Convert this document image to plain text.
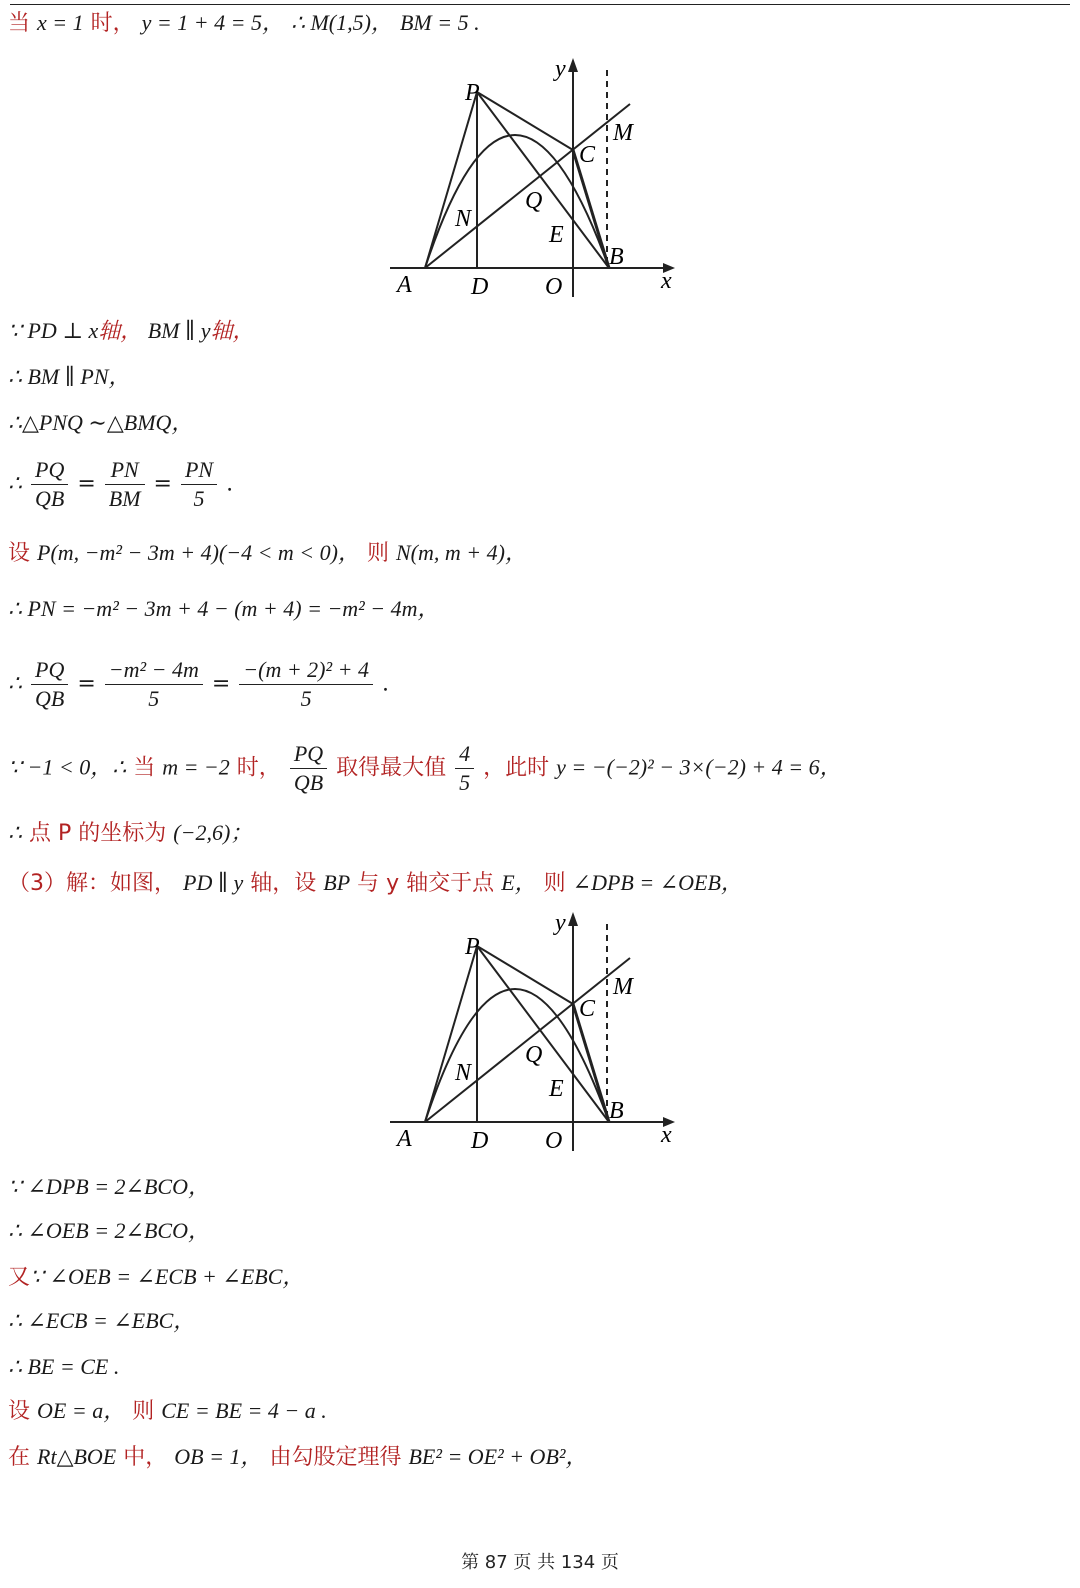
当 x = 1 时， y = 1 + 4 = 5， ∴ M(1,5)， BM = 5 .
P
y
M
C
Q
N
E
B
A D O	x
∵ PD ⊥ x轴， BM ∥ y轴，
∴ BM ∥ PN，
∴△PNQ ∼△BMQ，
∴ $\frac{PQ}{QB} = \frac{PN}{BM} = \frac{PN}{5}$ .
设 P(m, −m² − 3m + 4)(−4 < m < 0)， 则 N(m, m + 4)，
∴ PN = −m² − 3m + 4 − (m + 4) = −m² − 4m，
∴ $\frac{PQ}{QB} = \frac{\text{−m² − 4m}}{5} = \frac{\text{−(m + 2)² + 4}}{5}$ .
∵ −1 < 0，∴ 当 m = −2 时， $\frac{PQ}{QB}$ 取得最大值 $\frac{4}{5}$ ，此时 y = −(−2)² − 3×(−2) + 4 = 6，
∴ 点 P 的坐标为 (−2,6)；
（3）解：如图， PD ∥ y 轴，设 BP 与 y 轴交于点 E， 则 ∠DPB = ∠OEB，
P
y
M
C
Q
N
E
B
A D O	x
∵ ∠DPB = 2∠BCO，
∴ ∠OEB = 2∠BCO，
又∵ ∠OEB = ∠ECB + ∠EBC，
∴ ∠ECB = ∠EBC，
∴ BE = CE .
设 OE = a， 则 CE = BE = 4 − a .
在 Rt△BOE 中， OB = 1， 由勾股定理得 BE² = OE² + OB²，
第 87 页 共 134 页
